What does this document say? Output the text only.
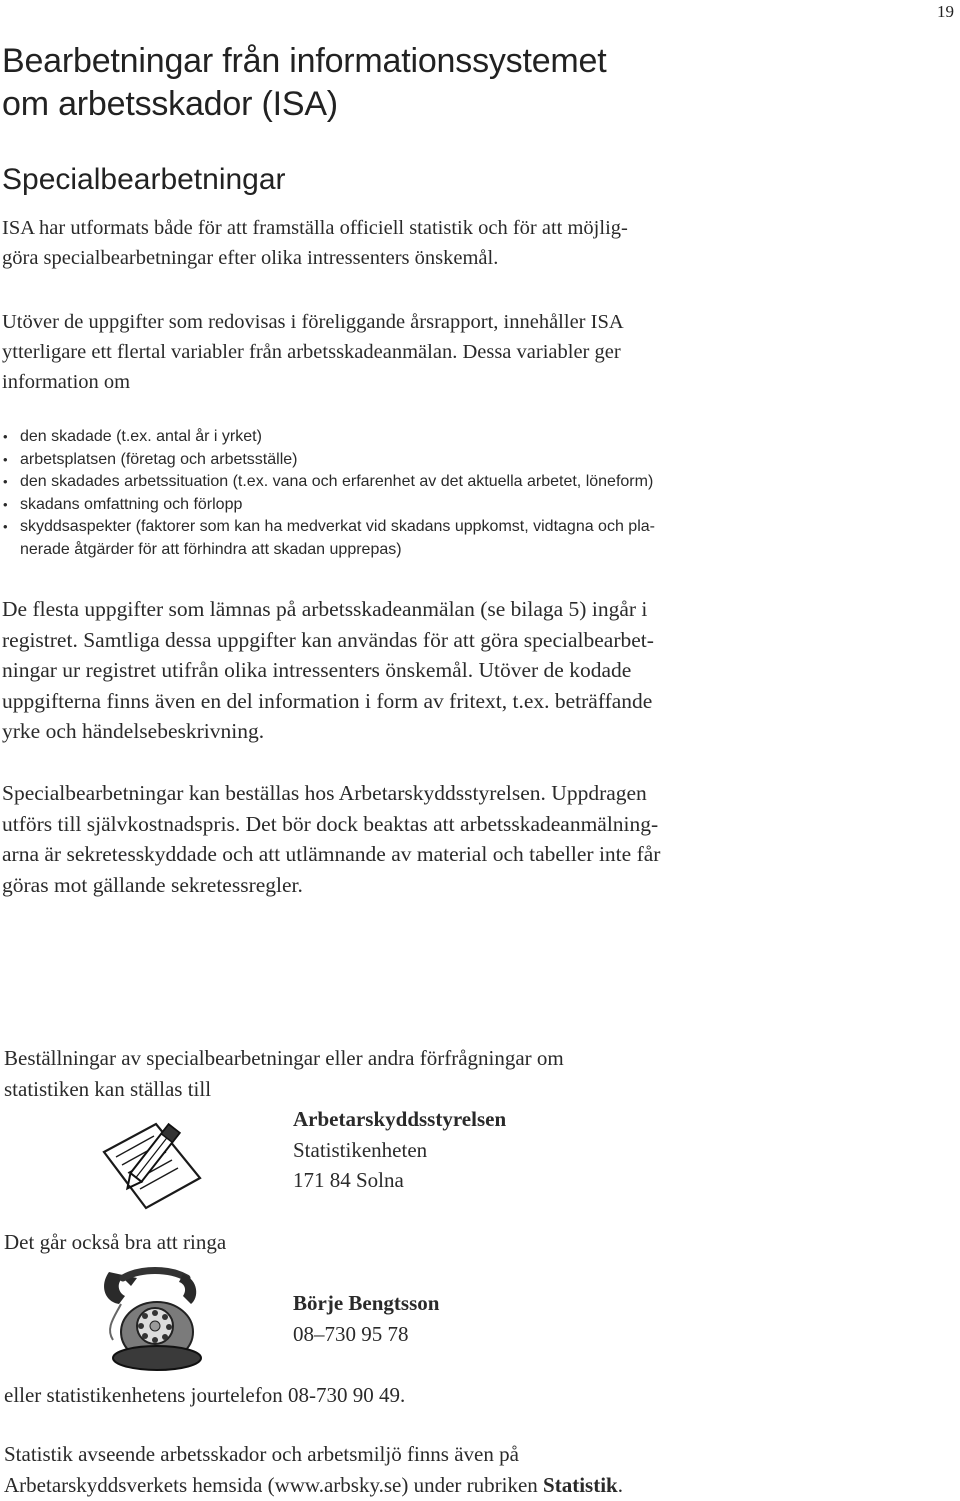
19
Bearbetningar från informationssystemet
om arbetsskador (ISA)
Specialbearbetningar
ISA har utformats både för att framställa officiell statistik och för att möjlig-
göra specialbearbetningar efter olika intressenters önskemål.
Utöver de uppgifter som redovisas i föreliggande årsrapport, innehåller ISA
ytterligare ett flertal variabler från arbetsskadeanmälan. Dessa variabler ger
information om
• den skadade (t.ex. antal år i yrket)
• arbetsplatsen (företag och arbetsställe)
• den skadades arbetssituation (t.ex. vana och erfarenhet av det aktuella arbetet, löneform)
• skadans omfattning och förlopp
• skyddsaspekter (faktorer som kan ha medverkat vid skadans uppkomst, vidtagna och pla-
nerade åtgärder för att förhindra att skadan upprepas)
De flesta uppgifter som lämnas på arbetsskadeanmälan (se bilaga 5) ingår i
registret. Samtliga dessa uppgifter kan användas för att göra specialbearbet-
ningar ur registret utifrån olika intressenters önskemål. Utöver de kodade
uppgifterna finns även en del information i form av fritext, t.ex. beträffande
yrke och händelsebeskrivning.
Specialbearbetningar kan beställas hos Arbetarskyddsstyrelsen. Uppdragen
utförs till självkostnadspris. Det bör dock beaktas att arbetsskadeanmälning-
arna är sekretesskyddade och att utlämnande av material och tabeller inte får
göras mot gällande sekretessregler.
Beställningar av specialbearbetningar eller andra förfrågningar om
statistiken kan ställas till
Arbetarskyddsstyrelsen
Statistikenheten
171 84 Solna
Det går också bra att ringa
Börje Bengtsson
08–730 95 78
eller statistikenhetens jourtelefon 08-730 90 49.
Statistik avseende arbetsskador och arbetsmiljö finns även på
Arbetarskyddsverkets hemsida (www.arbsky.se) under rubriken Statistik.
